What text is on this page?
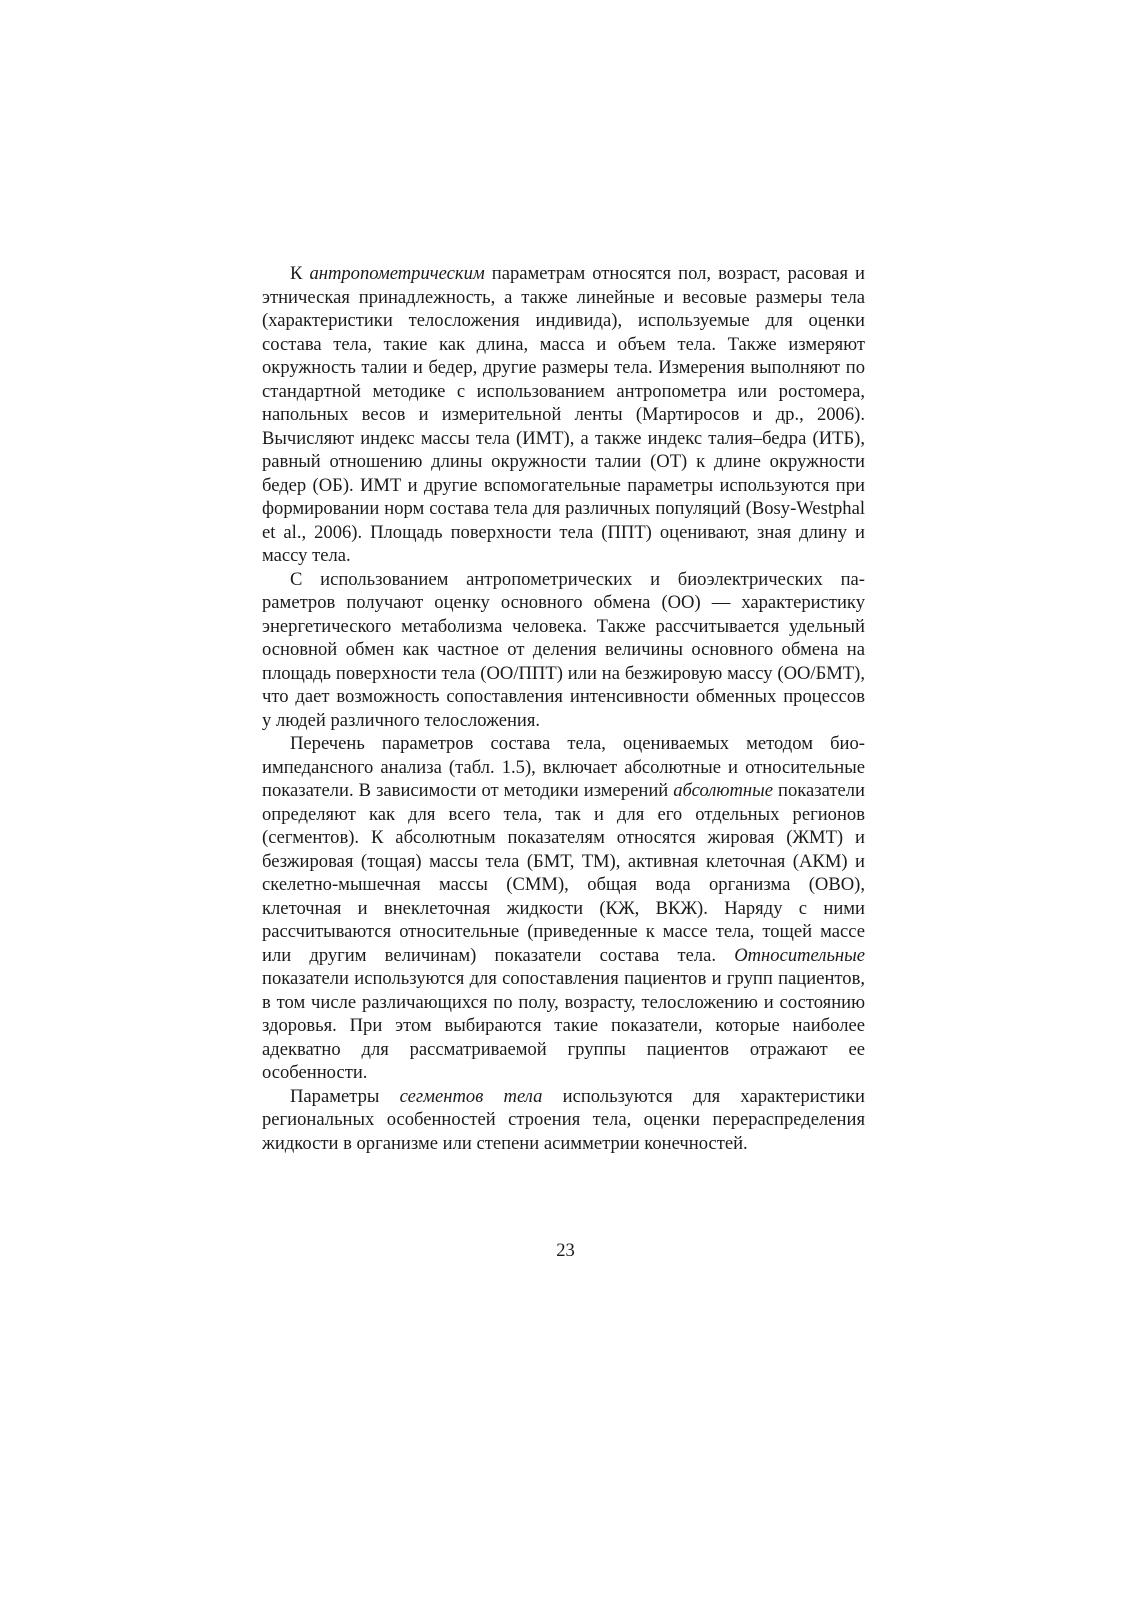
К антропометрическим параметрам относятся пол, возраст, расовая и этническая принадлежность, а также линейные и весовые размеры тела (характеристики телосложения индивида), используемые для оценки состава тела, такие как длина, масса и объем тела. Также измеряют окружность талии и бедер, другие размеры тела. Измерения выполняют по стандартной методике с использованием антропометра или ростомера, напольных весов и измерительной ленты (Мартиросов и др., 2006). Вычисляют индекс массы тела (ИМТ), а также индекс талия–бедра (ИТБ), равный отношению длины окружности талии (ОТ) к длине окружности бедер (ОБ). ИМТ и другие вспомогательные параметры используются при формировании норм состава тела для различных популяций (Bosy-Westphal et al., 2006). Площадь поверхности тела (ППТ) оценивают, зная длину и массу тела.

С использованием антропометрических и биоэлектрических параметров получают оценку основного обмена (ОО) — характеристику энергетического метаболизма человека. Также рассчитывается удельный основной обмен как частное от деления величины основного обмена на площадь поверхности тела (ОО/ППТ) или на безжировую массу (ОО/БМТ), что дает возможность сопоставления интенсивности обменных процессов у людей различного телосложения.

Перечень параметров состава тела, оцениваемых методом биоимпедансного анализа (табл. 1.5), включает абсолютные и относительные показатели. В зависимости от методики измерений абсолютные показатели определяют как для всего тела, так и для его отдельных регионов (сегментов). К абсолютным показателям относятся жировая (ЖМТ) и безжировая (тощая) массы тела (БМТ, ТМ), активная клеточная (АКМ) и скелетно-мышечная массы (СММ), общая вода организма (ОВО), клеточная и внеклеточная жидкости (КЖ, ВКЖ). Наряду с ними рассчитываются относительные (приведенные к массе тела, тощей массе или другим величинам) показатели состава тела. Относительные показатели используются для сопоставления пациентов и групп пациентов, в том числе различающихся по полу, возрасту, телосложению и состоянию здоровья. При этом выбираются такие показатели, которые наиболее адекватно для рассматриваемой группы пациентов отражают ее особенности.

Параметры сегментов тела используются для характеристики региональных особенностей строения тела, оценки перераспределения жидкости в организме или степени асимметрии конечностей.

23
